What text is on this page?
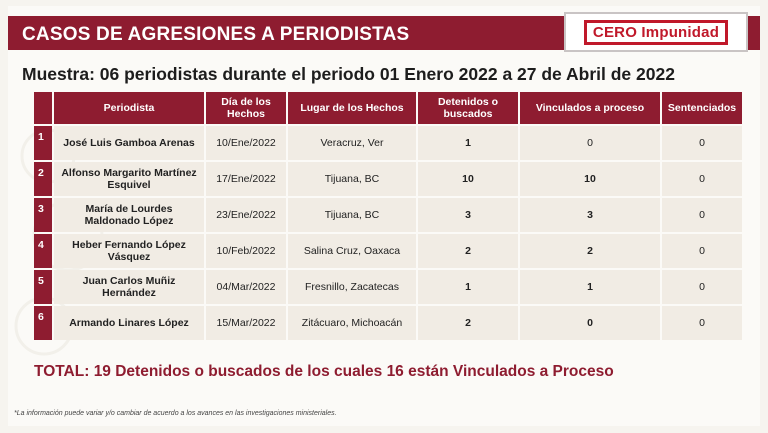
CASOS DE AGRESIONES A PERIODISTAS	CERO Impunidad
Muestra: 06 periodistas durante el periodo 01 Enero 2022 a 27 de Abril de 2022
	Periodista	Día de los Hechos	Lugar de los Hechos	Detenidos o buscados	Vinculados a proceso	Sentenciados
1	José Luis Gamboa Arenas	10/Ene/2022	Veracruz, Ver	1	0	0
2	Alfonso Margarito Martínez Esquivel	17/Ene/2022	Tijuana, BC	10	10	0
3	María de Lourdes Maldonado López	23/Ene/2022	Tijuana, BC	3	3	0
4	Heber Fernando López Vásquez	10/Feb/2022	Salina Cruz, Oaxaca	2	2	0
5	Juan Carlos Muñiz Hernández	04/Mar/2022	Fresnillo, Zacatecas	1	1	0
6	Armando Linares López	15/Mar/2022	Zitácuaro, Michoacán	2	0	0
TOTAL: 19 Detenidos o buscados de los cuales 16 están Vinculados a Proceso
*La información puede variar y/o cambiar de acuerdo a los avances en las investigaciones ministeriales.
